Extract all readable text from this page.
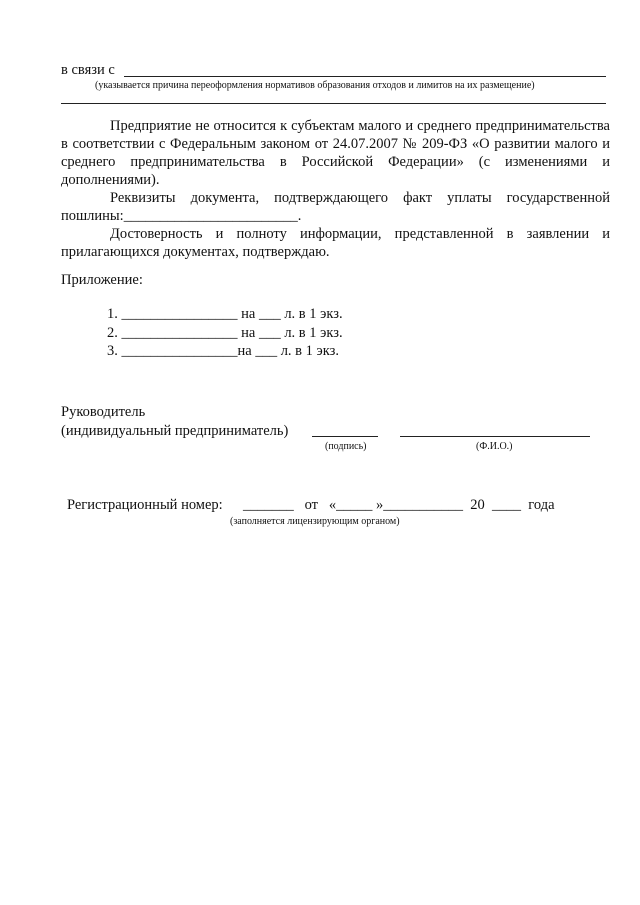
в связи с
(указывается причина переоформления нормативов образования отходов и лимитов на их размещение)

Предприятие не относится к субъектам малого и среднего предпринимательства в соответствии с Федеральным законом от 24.07.2007 № 209-ФЗ «О развитии малого и среднего предпринимательства в Российской Федерации» (с изменениями и дополнениями).

Реквизиты документа, подтверждающего факт уплаты государственной пошлины:________________________.

Достоверность и полноту информации, представленной в заявлении и прилагающихся документах, подтверждаю.

Приложение:
1. ________________ на ___ л. в 1 экз.
2. ________________ на ___ л. в 1 экз.
3. ________________на ___ л. в 1 экз.
Руководитель
(индивидуальный предприниматель)
(подпись)	(Ф.И.О.)
Регистрационный номер: _______   от   «_____ »___________  20  ____  года
(заполняется лицензирующим органом)
